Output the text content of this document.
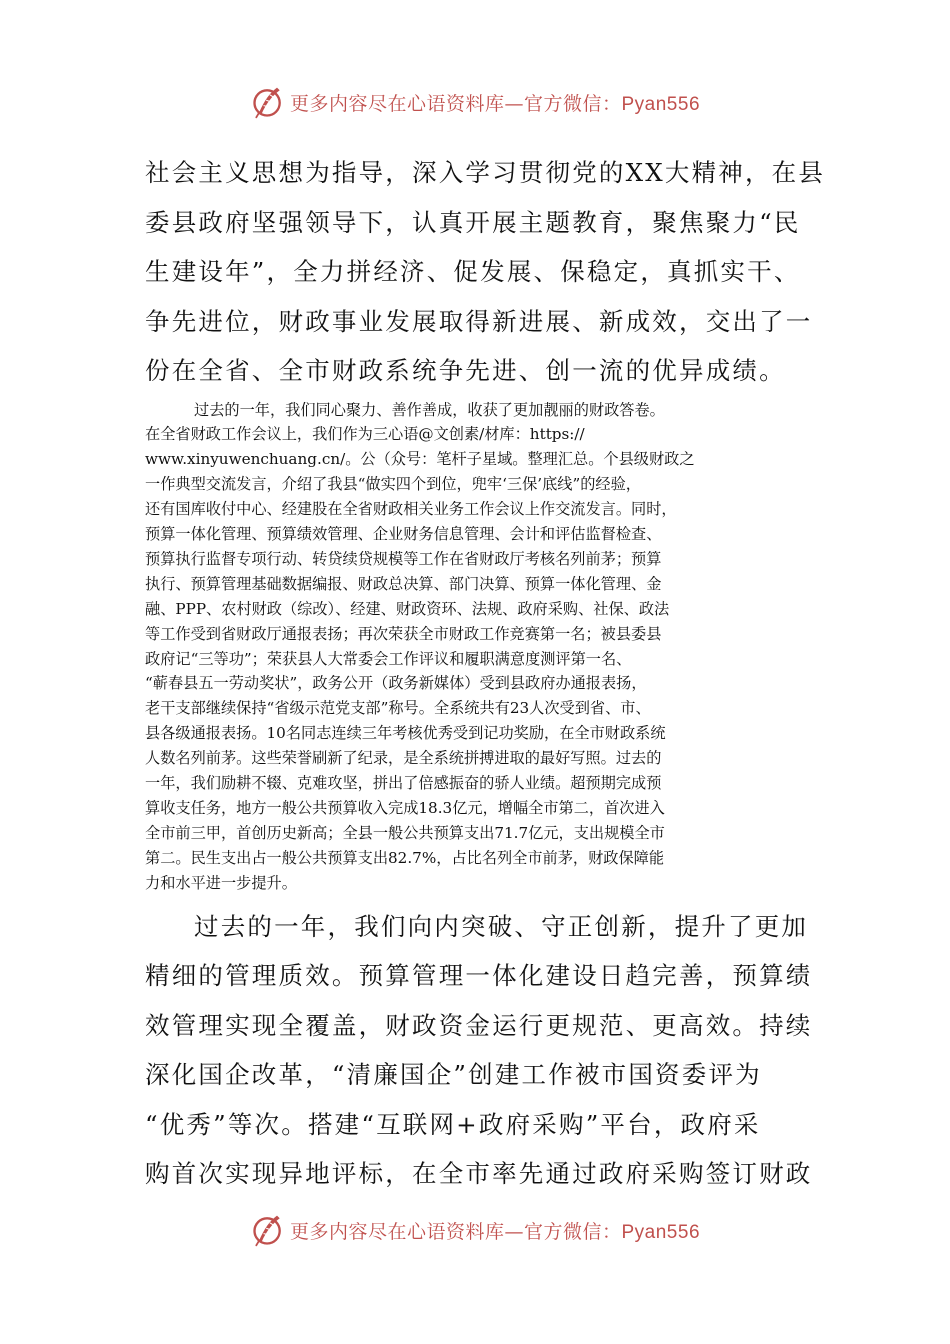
更多内容尽在心语资料库—官方微信：Pyan556

社会主义思想为指导，深入学习贯彻党的XX大精神，在县
委县政府坚强领导下，认真开展主题教育，聚焦聚力“民
生建设年”，全力拼经济、促发展、保稳定，真抓实干、
争先进位，财政事业发展取得新进展、新成效，交出了一
份在全省、全市财政系统争先进、创一流的优异成绩。

过去的一年，我们同心聚力、善作善成，收获了更加靓丽的财政答卷。
在全省财政工作会议上，我们作为三心语@文创素/材库：https://
www.xinyuwenchuang.cn/。公（众号：笔杆子星域。整理汇总。个县级财政之
一作典型交流发言，介绍了我县“做实四个到位，兜牢‘三保’底线”的经验，
还有国库收付中心、经建股在全省财政相关业务工作会议上作交流发言。同时，
预算一体化管理、预算绩效管理、企业财务信息管理、会计和评估监督检查、
预算执行监督专项行动、转贷续贷规模等工作在省财政厅考核名列前茅；预算
执行、预算管理基础数据编报、财政总决算、部门决算、预算一体化管理、金
融、PPP、农村财政（综改）、经建、财政资环、法规、政府采购、社保、政法
等工作受到省财政厅通报表扬；再次荣获全市财政工作竞赛第一名；被县委县
政府记“三等功”；荣获县人大常委会工作评议和履职满意度测评第一名、
“蕲春县五一劳动奖状”，政务公开（政务新媒体）受到县政府办通报表扬，
老干支部继续保持“省级示范党支部”称号。全系统共有23人次受到省、市、
县各级通报表扬。10名同志连续三年考核优秀受到记功奖励，在全市财政系统
人数名列前茅。这些荣誉刷新了纪录，是全系统拼搏进取的最好写照。过去的
一年，我们励耕不辍、克难攻坚，拼出了倍感振奋的骄人业绩。超预期完成预
算收支任务，地方一般公共预算收入完成18.3亿元，增幅全市第二，首次进入
全市前三甲，首创历史新高；全县一般公共预算支出71.7亿元，支出规模全市
第二。民生支出占一般公共预算支出82.7%，占比名列全市前茅，财政保障能
力和水平进一步提升。

过去的一年，我们向内突破、守正创新，提升了更加
精细的管理质效。预算管理一体化建设日趋完善，预算绩
效管理实现全覆盖，财政资金运行更规范、更高效。持续
深化国企改革，“清廉国企”创建工作被市国资委评为
“优秀”等次。搭建“互联网+政府采购”平台，政府采
购首次实现异地评标，在全市率先通过政府采购签订财政

更多内容尽在心语资料库—官方微信：Pyan556
